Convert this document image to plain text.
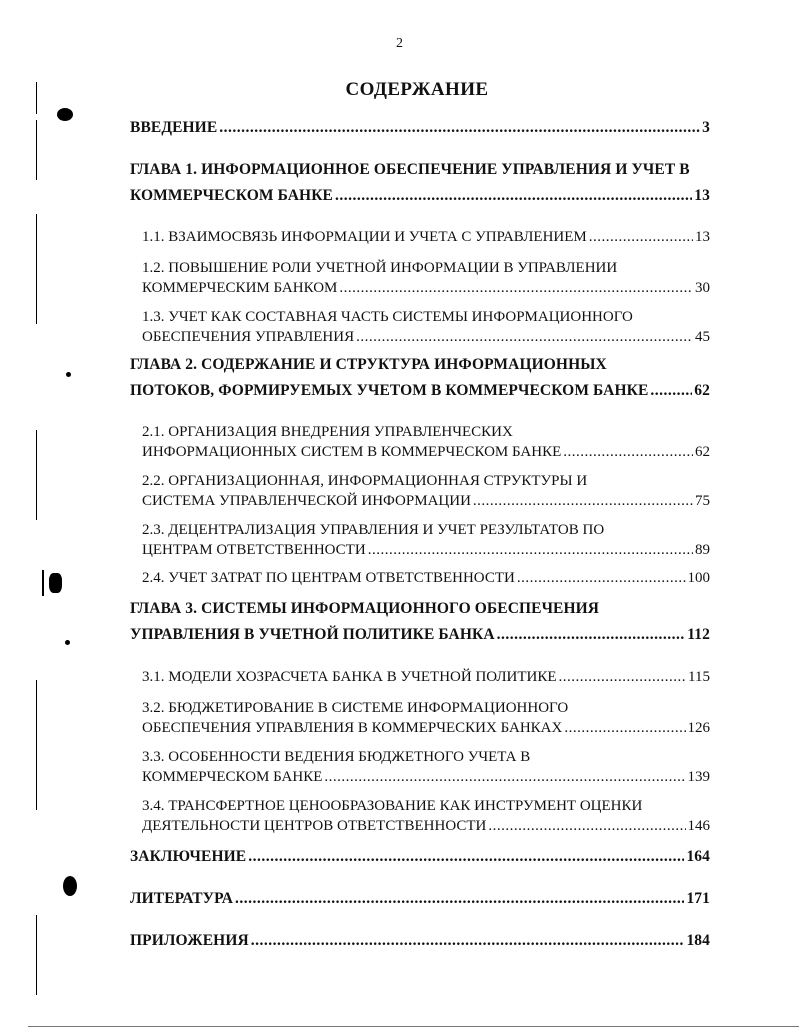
2
СОДЕРЖАНИЕ
ВВЕДЕНИЕ .....	3
ГЛАВА 1. ИНФОРМАЦИОННОЕ ОБЕСПЕЧЕНИЕ УПРАВЛЕНИЯ И УЧЕТ В
КОММЕРЧЕСКОМ БАНКЕ .....	13
1.1. ВЗАИМОСВЯЗЬ ИНФОРМАЦИИ И УЧЕТА С УПРАВЛЕНИЕМ .....	13
1.2. ПОВЫШЕНИЕ РОЛИ УЧЕТНОЙ ИНФОРМАЦИИ В УПРАВЛЕНИИ
КОММЕРЧЕСКИМ БАНКОМ .....	30
1.3. УЧЕТ КАК СОСТАВНАЯ ЧАСТЬ СИСТЕМЫ ИНФОРМАЦИОННОГО
ОБЕСПЕЧЕНИЯ УПРАВЛЕНИЯ .....	45
ГЛАВА 2. СОДЕРЖАНИЕ И СТРУКТУРА ИНФОРМАЦИОННЫХ
ПОТОКОВ, ФОРМИРУЕМЫХ УЧЕТОМ В КОММЕРЧЕСКОМ БАНКЕ .....	62
2.1. ОРГАНИЗАЦИЯ ВНЕДРЕНИЯ УПРАВЛЕНЧЕСКИХ
ИНФОРМАЦИОННЫХ СИСТЕМ В КОММЕРЧЕСКОМ БАНКЕ .....	62
2.2. ОРГАНИЗАЦИОННАЯ, ИНФОРМАЦИОННАЯ СТРУКТУРЫ И
СИСТЕМА УПРАВЛЕНЧЕСКОЙ ИНФОРМАЦИИ .....	75
2.3. ДЕЦЕНТРАЛИЗАЦИЯ УПРАВЛЕНИЯ И УЧЕТ РЕЗУЛЬТАТОВ ПО
ЦЕНТРАМ ОТВЕТСТВЕННОСТИ .....	89
2.4. УЧЕТ ЗАТРАТ ПО ЦЕНТРАМ ОТВЕТСТВЕННОСТИ .....	100
ГЛАВА 3. СИСТЕМЫ ИНФОРМАЦИОННОГО ОБЕСПЕЧЕНИЯ
УПРАВЛЕНИЯ В УЧЕТНОЙ ПОЛИТИКЕ БАНКА .....	112
3.1. МОДЕЛИ ХОЗРАСЧЕТА БАНКА В УЧЕТНОЙ ПОЛИТИКЕ .....	115
3.2. БЮДЖЕТИРОВАНИЕ В СИСТЕМЕ ИНФОРМАЦИОННОГО
ОБЕСПЕЧЕНИЯ УПРАВЛЕНИЯ В КОММЕРЧЕСКИХ БАНКАХ .....	126
3.3. ОСОБЕННОСТИ ВЕДЕНИЯ БЮДЖЕТНОГО УЧЕТА В
КОММЕРЧЕСКОМ БАНКЕ .....	139
3.4. ТРАНСФЕРТНОЕ ЦЕНООБРАЗОВАНИЕ КАК ИНСТРУМЕНТ ОЦЕНКИ
ДЕЯТЕЛЬНОСТИ ЦЕНТРОВ ОТВЕТСТВЕННОСТИ .....	146
ЗАКЛЮЧЕНИЕ .....	164
ЛИТЕРАТУРА .....	171
ПРИЛОЖЕНИЯ .....	184
